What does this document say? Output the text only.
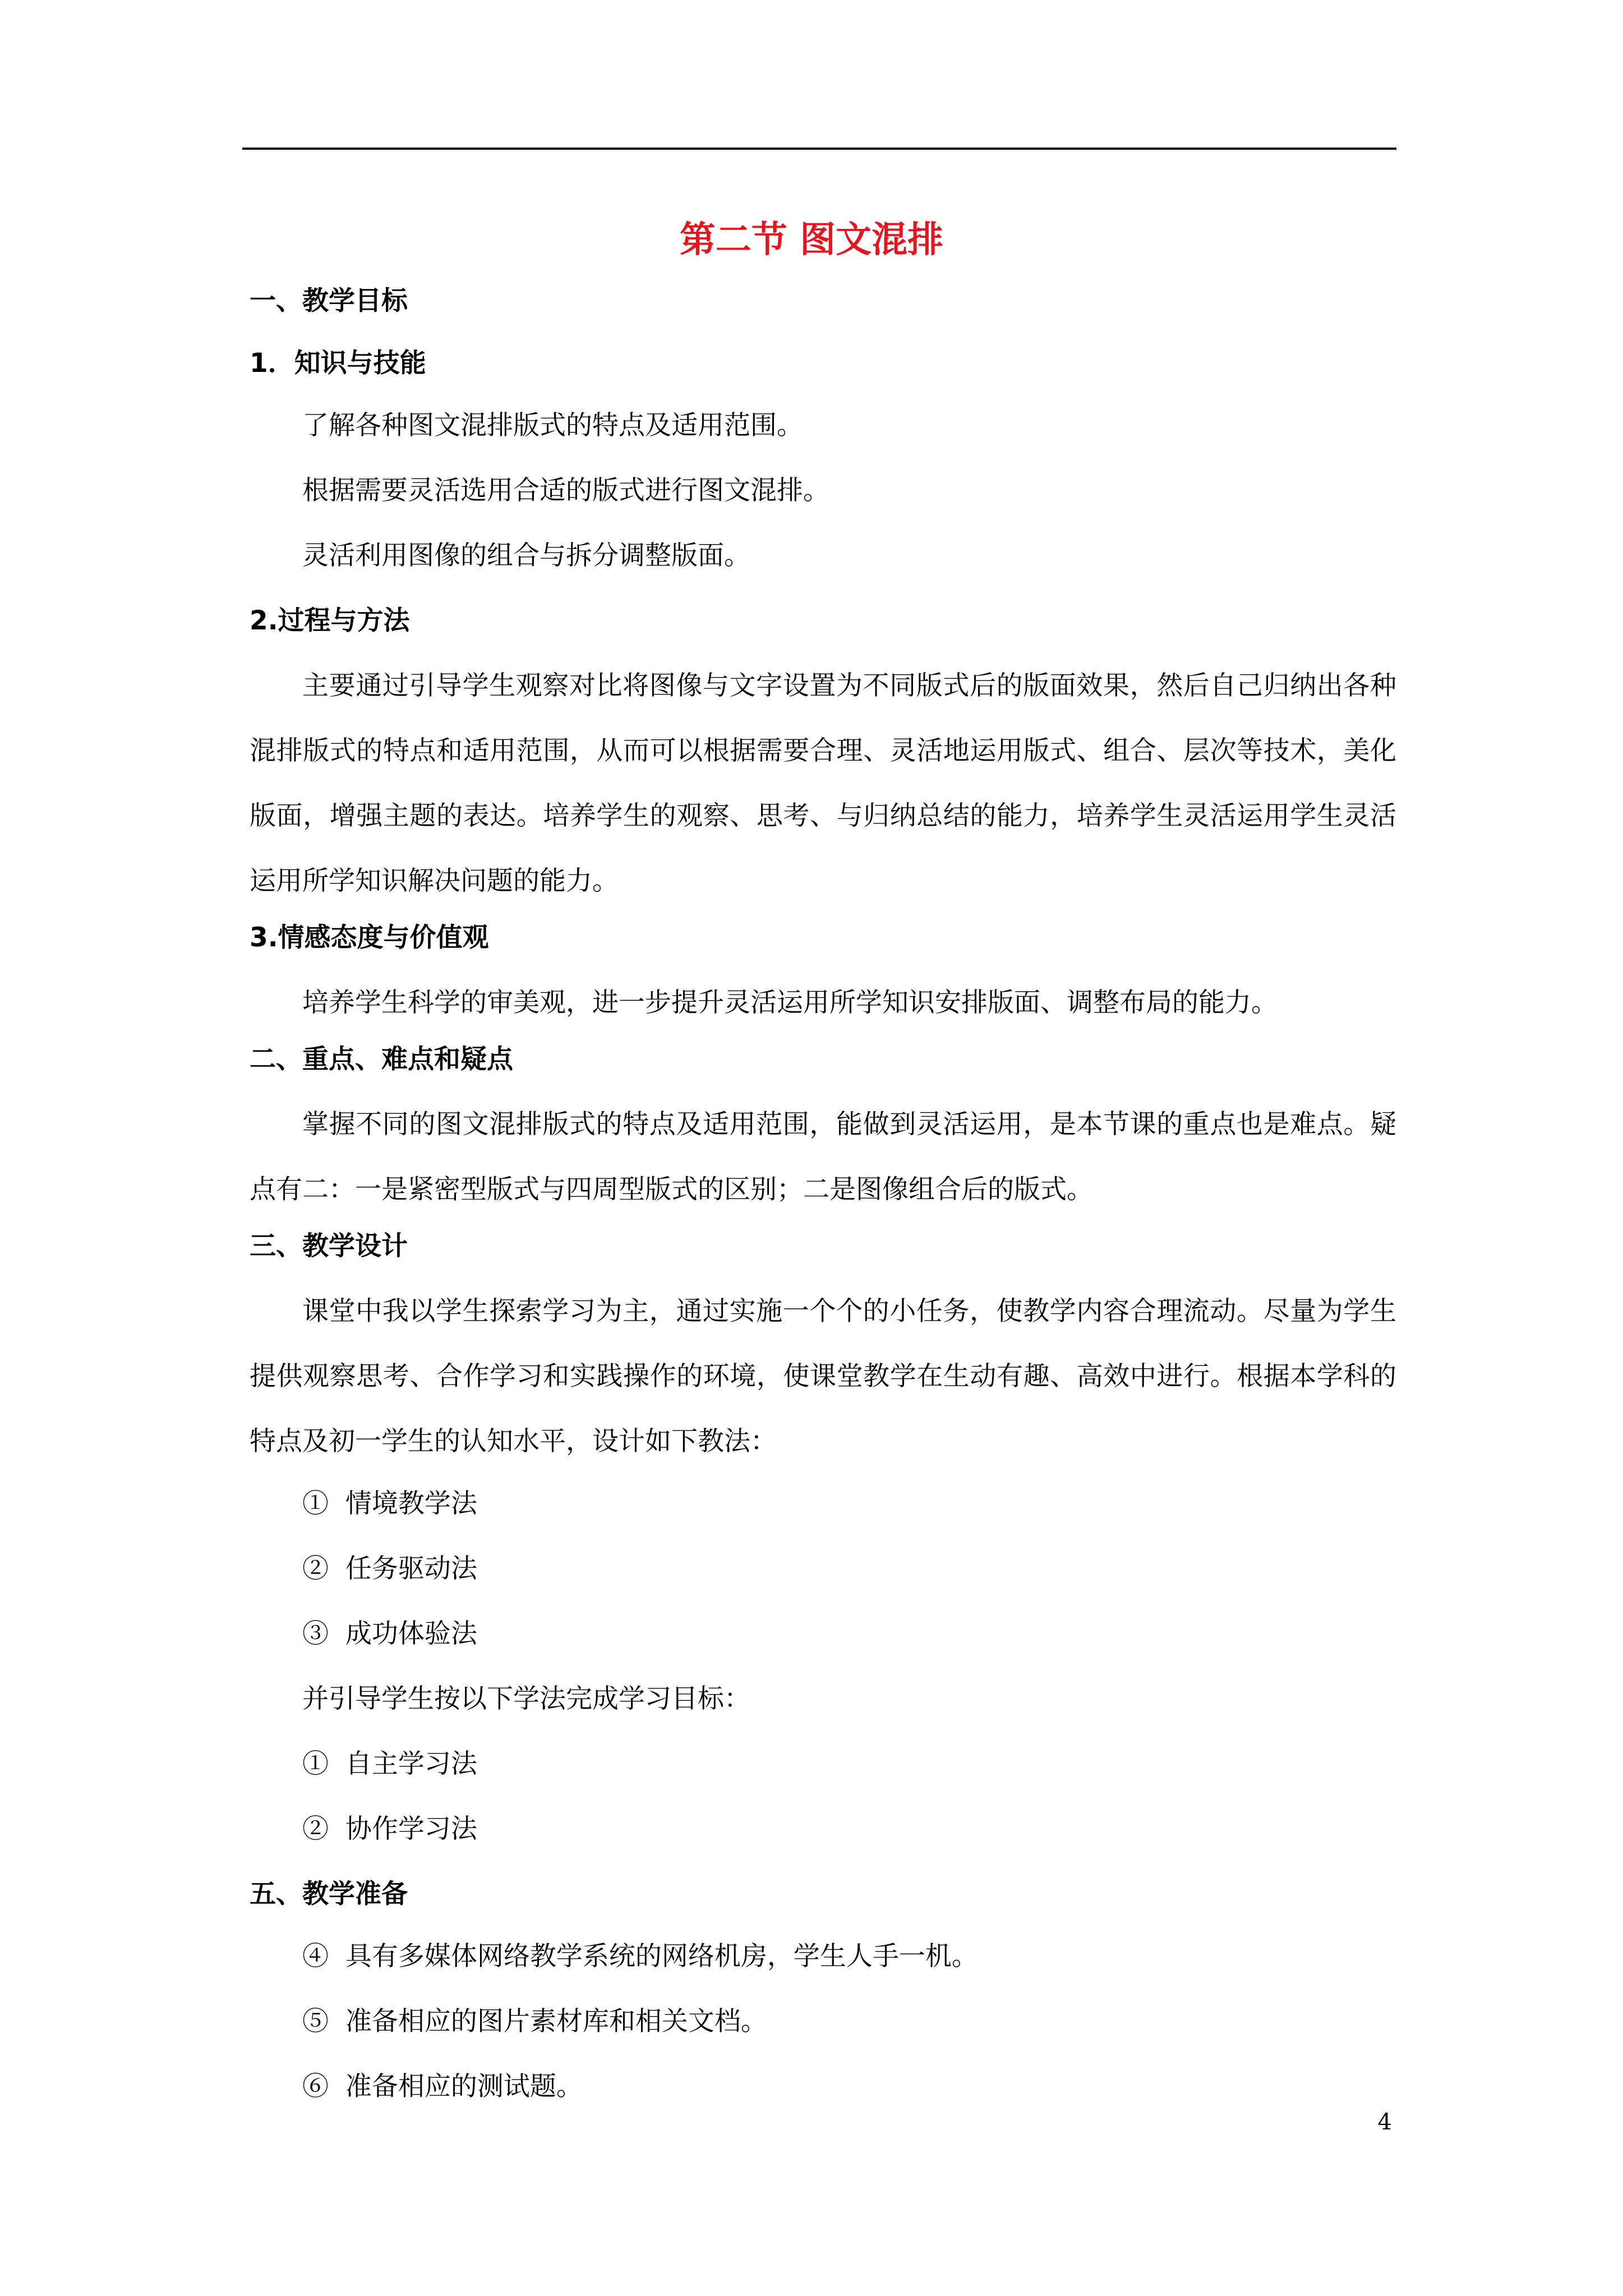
第二节 图文混排
一、教学目标
1．知识与技能
了解各种图文混排版式的特点及适用范围。
根据需要灵活选用合适的版式进行图文混排。
灵活利用图像的组合与拆分调整版面。
2.过程与方法
主要通过引导学生观察对比将图像与文字设置为不同版式后的版面效果，然后自己归纳出各种混排版式的特点和适用范围，从而可以根据需要合理、灵活地运用版式、组合、层次等技术，美化版面，增强主题的表达。培养学生的观察、思考、与归纳总结的能力，培养学生灵活运用学生灵活运用所学知识解决问题的能力。
3.情感态度与价值观
培养学生科学的审美观，进一步提升灵活运用所学知识安排版面、调整布局的能力。
二、重点、难点和疑点
掌握不同的图文混排版式的特点及适用范围，能做到灵活运用，是本节课的重点也是难点。疑点有二：一是紧密型版式与四周型版式的区别；二是图像组合后的版式。
三、教学设计
课堂中我以学生探索学习为主，通过实施一个个的小任务，使教学内容合理流动。尽量为学生提供观察思考、合作学习和实践操作的环境，使课堂教学在生动有趣、高效中进行。根据本学科的特点及初一学生的认知水平，设计如下教法：
①  情境教学法
②  任务驱动法
③  成功体验法
并引导学生按以下学法完成学习目标：
①  自主学习法
②  协作学习法
五、教学准备
④  具有多媒体网络教学系统的网络机房，学生人手一机。
⑤  准备相应的图片素材库和相关文档。
⑥  准备相应的测试题。
4
